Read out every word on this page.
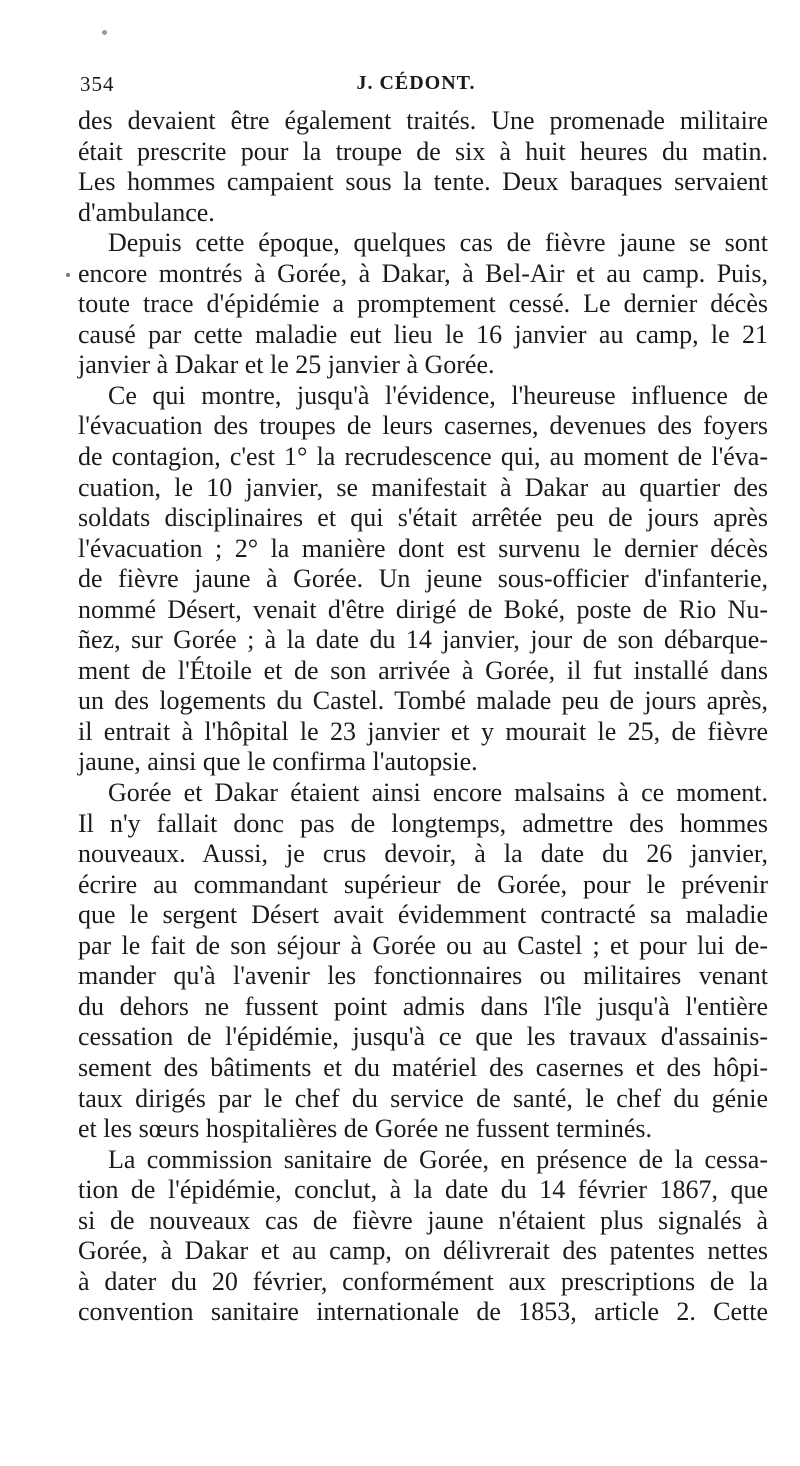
354	J. CÉDONT.
des devaient être également traités. Une promenade militaire
était prescrite pour la troupe de six à huit heures du matin.
Les hommes campaient sous la tente. Deux baraques servaient
d'ambulance.
Depuis cette époque, quelques cas de fièvre jaune se sont
encore montrés à Gorée, à Dakar, à Bel-Air et au camp. Puis,
toute trace d'épidémie a promptement cessé. Le dernier décès
causé par cette maladie eut lieu le 16 janvier au camp, le 21
janvier à Dakar et le 25 janvier à Gorée.
Ce qui montre, jusqu'à l'évidence, l'heureuse influence de
l'évacuation des troupes de leurs casernes, devenues des foyers
de contagion, c'est 1° la recrudescence qui, au moment de l'éva-
cuation, le 10 janvier, se manifestait à Dakar au quartier des
soldats disciplinaires et qui s'était arrêtée peu de jours après
l'évacuation ; 2° la manière dont est survenu le dernier décès
de fièvre jaune à Gorée. Un jeune sous-officier d'infanterie,
nommé Désert, venait d'être dirigé de Boké, poste de Rio Nu-
ñez, sur Gorée ; à la date du 14 janvier, jour de son débarque-
ment de l'Étoile et de son arrivée à Gorée, il fut installé dans
un des logements du Castel. Tombé malade peu de jours après,
il entrait à l'hôpital le 23 janvier et y mourait le 25, de fièvre
jaune, ainsi que le confirma l'autopsie.
Gorée et Dakar étaient ainsi encore malsains à ce moment.
Il n'y fallait donc pas de longtemps, admettre des hommes
nouveaux. Aussi, je crus devoir, à la date du 26 janvier,
écrire au commandant supérieur de Gorée, pour le prévenir
que le sergent Désert avait évidemment contracté sa maladie
par le fait de son séjour à Gorée ou au Castel ; et pour lui de-
mander qu'à l'avenir les fonctionnaires ou militaires venant
du dehors ne fussent point admis dans l'île jusqu'à l'entière
cessation de l'épidémie, jusqu'à ce que les travaux d'assainis-
sement des bâtiments et du matériel des casernes et des hôpi-
taux dirigés par le chef du service de santé, le chef du génie
et les sœurs hospitalières de Gorée ne fussent terminés.
La commission sanitaire de Gorée, en présence de la cessa-
tion de l'épidémie, conclut, à la date du 14 février 1867, que
si de nouveaux cas de fièvre jaune n'étaient plus signalés à
Gorée, à Dakar et au camp, on délivrerait des patentes nettes
à dater du 20 février, conformément aux prescriptions de la
convention sanitaire internationale de 1853, article 2. Cette
